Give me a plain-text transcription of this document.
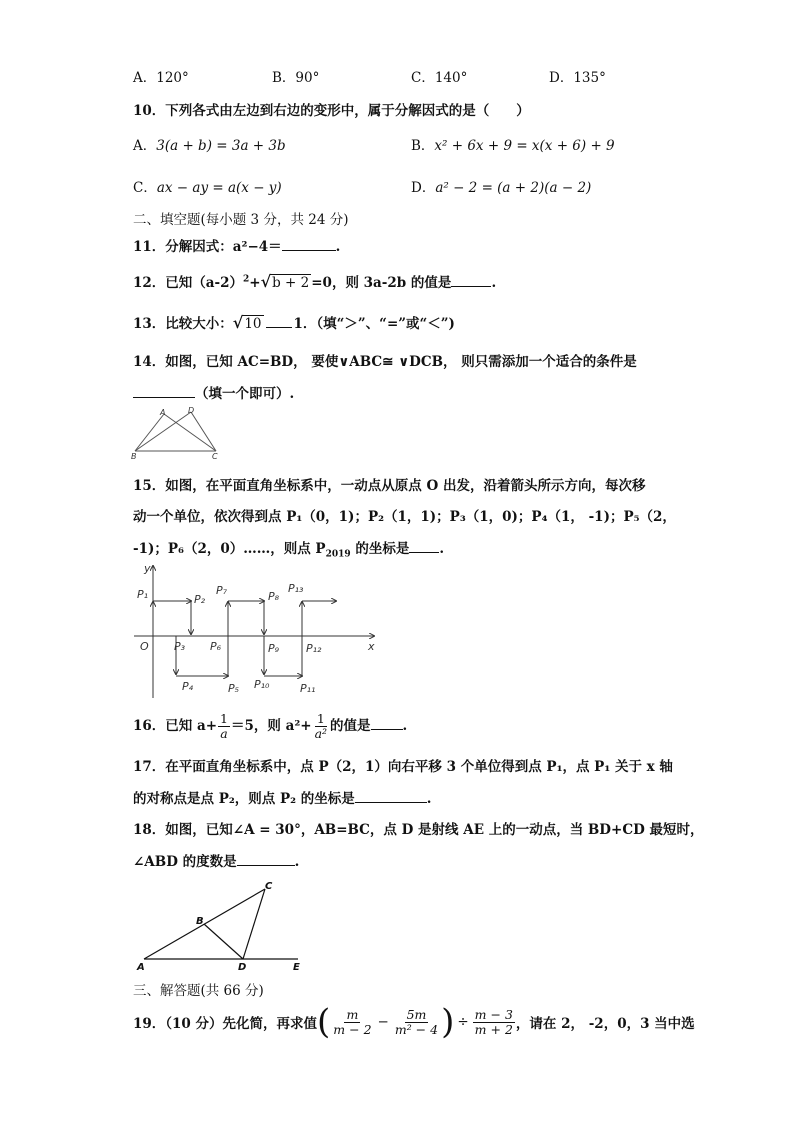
A．120°	B．90°	C．140°	D．135°
10．下列各式由左边到右边的变形中，属于分解因式的是（　　）
A．3(a + b) = 3a + 3b	B．x² + 6x + 9 = x(x + 6) + 9
C．ax − ay = a(x − y)	D．a² − 2 = (a + 2)(a − 2)
二、填空题(每小题 3 分，共 24 分)
11．分解因式：a²−4＝	.
12．已知$(a-2)^2+√b + 2 =0$，则 3a-2b 的值是	.
13．比较大小：√10 1．（填“＞”、“=”或“＜”)
14．如图，已知 AC=BD， 要使∨ABC≅ ∨DCB， 则只需添加一个适合的条件是
（填一个即可）.
A	D
B	C
15．如图，在平面直角坐标系中，一动点从原点 O 出发，沿着箭头所示方向，每次移
动一个单位，依次得到点 P₁（0，1)；P₂（1，1)；P₃（1，0)；P₄（1， -1)；P₅（2，
-1)；P₆（2，0）……，则点 $P_{2019}$ 的坐标是 .
y
x
O
P₁	P₂
P₃
P₄	P₅
P₆
P₇	P₈
P₉
P₁₀	P₁₁
P₁₂
P₁₃
16．已知 $a+ \frac{1}{a} =5$，则 $a^2+ \frac{1}{\text{a²}}$ 的值是 .
17．在平面直角坐标系中，点 P（2，1）向右平移 3 个单位得到点 P₁，点 P₁ 关于 x 轴
的对称点是点 P₂，则点 P₂ 的坐标是	.
18．如图，已知∠A = 30°，AB=BC，点 D 是射线 AE 上的一动点，当 BD+CD 最短时，
∠ABD 的度数是	.
A
B
C
D	E
三、解答题(共 66 分)
19．（10 分）先化简，再求值 ( $\frac{m}{m - 2} - \frac{5m}{\text{m² − 4}}$ ) ÷ $\frac{m - 3}{m + 2}$ ，请在 2， -2，0，3 当中选
